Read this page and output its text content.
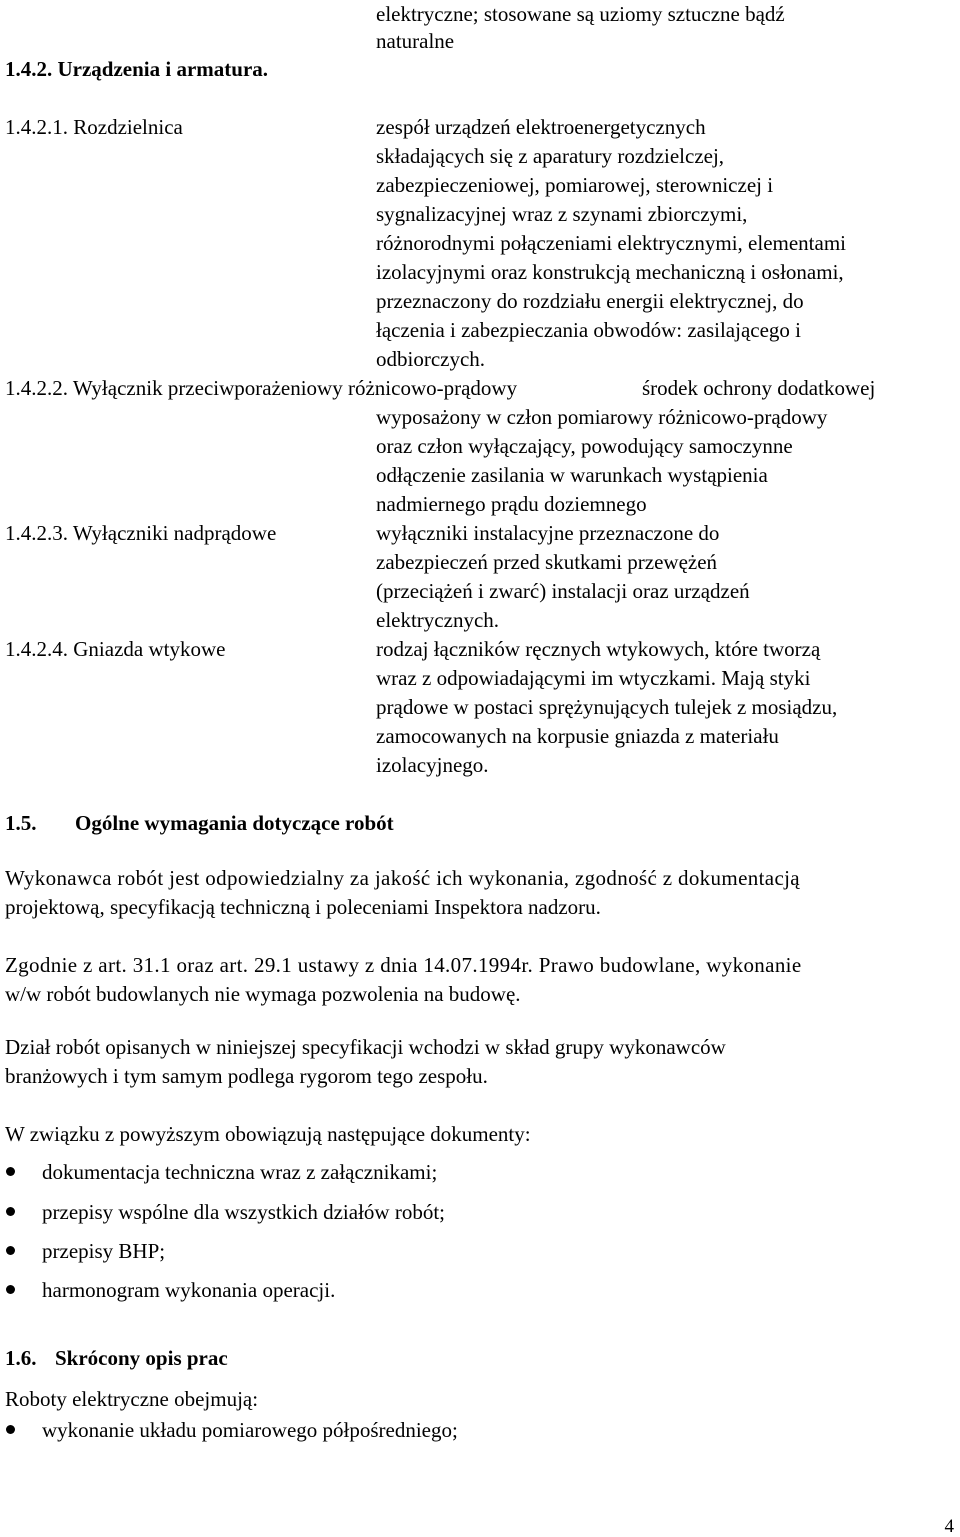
elektryczne; stosowane są uziomy sztuczne bądź
naturalne
1.4.2. Urządzenia i armatura.
1.4.2.1. Rozdzielnica	zespół urządzeń elektroenergetycznych
składających się z aparatury rozdzielczej,
zabezpieczeniowej, pomiarowej, sterowniczej i
sygnalizacyjnej wraz z szynami zbiorczymi,
różnorodnymi połączeniami elektrycznymi, elementami
izolacyjnymi oraz konstrukcją mechaniczną i osłonami,
przeznaczony do rozdziału energii elektrycznej, do
łączenia i zabezpieczania obwodów: zasilającego i
odbiorczych.
1.4.2.2. Wyłącznik przeciwporażeniowy różnicowo-prądowy	środek ochrony dodatkowej
wyposażony w człon pomiarowy różnicowo-prądowy
oraz człon wyłączający, powodujący samoczynne
odłączenie zasilania w warunkach wystąpienia
nadmiernego prądu doziemnego
1.4.2.3. Wyłączniki nadprądowe	wyłączniki instalacyjne przeznaczone do
zabezpieczeń przed skutkami przewężeń
(przeciążeń i zwarć) instalacji oraz urządzeń
elektrycznych.
1.4.2.4. Gniazda wtykowe	rodzaj łączników ręcznych wtykowych, które tworzą
wraz z odpowiadającymi im wtyczkami. Mają styki
prądowe w postaci sprężynujących tulejek z mosiądzu,
zamocowanych na korpusie gniazda z materiału
izolacyjnego.
1.5. Ogólne wymagania dotyczące robót
Wykonawca robót jest odpowiedzialny za jakość ich wykonania, zgodność z dokumentacją
projektową, specyfikacją techniczną i poleceniami Inspektora nadzoru.
Zgodnie z art. 31.1 oraz art. 29.1 ustawy z dnia 14.07.1994r. Prawo budowlane, wykonanie
w/w robót budowlanych nie wymaga pozwolenia na budowę.
Dział robót opisanych w niniejszej specyfikacji wchodzi w skład grupy wykonawców
branżowych i tym samym podlega rygorom tego zespołu.
W związku z powyższym obowiązują następujące dokumenty:
dokumentacja techniczna wraz z załącznikami;
przepisy wspólne dla wszystkich działów robót;
przepisy BHP;
harmonogram wykonania operacji.
1.6. Skrócony opis prac
Roboty elektryczne obejmują:
wykonanie układu pomiarowego półpośredniego;
4
